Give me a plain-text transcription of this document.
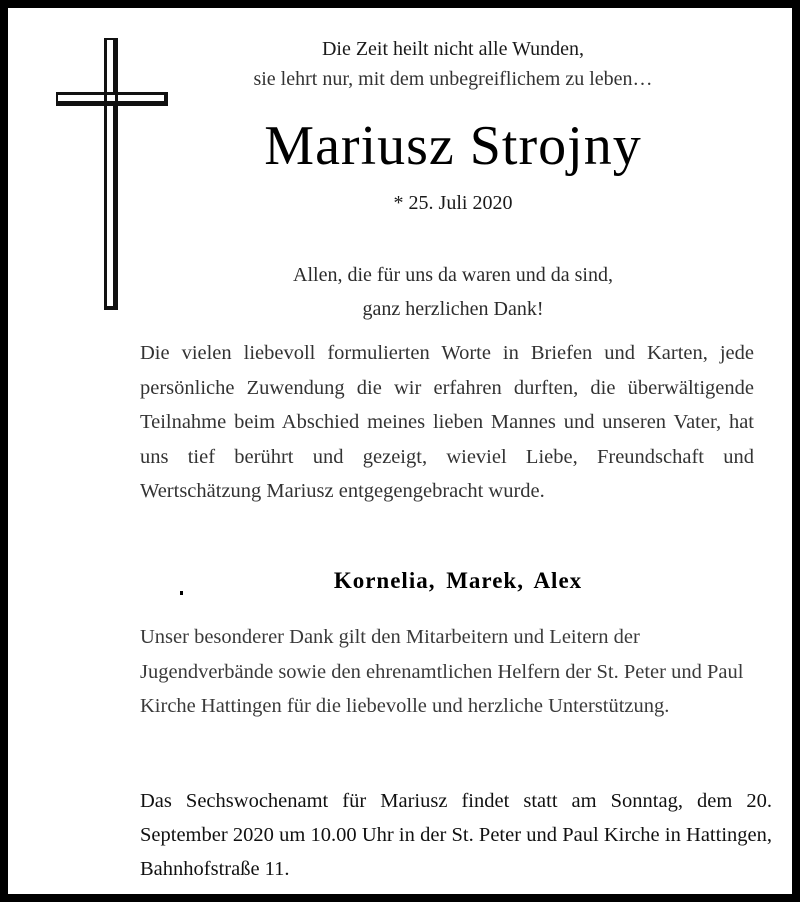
Die Zeit heilt nicht alle Wunden,
sie lehrt nur, mit dem unbegreiflichem zu leben…
Mariusz Strojny
* 25. Juli 2020
Allen, die für uns da waren und da sind,
ganz herzlichen Dank!
Die vielen liebevoll formulierten Worte in Briefen und Karten, jede persönliche Zuwendung die wir erfahren durften, die überwältigende Teilnahme beim Abschied meines lieben Mannes und unseren Vater, hat uns tief berührt und gezeigt, wieviel Liebe, Freundschaft und Wertschätzung Mariusz entgegengebracht wurde.
Kornelia, Marek, Alex
Unser besonderer Dank gilt den Mitarbeitern und Leitern der Jugendverbände sowie den ehrenamtlichen Helfern der St. Peter und Paul Kirche Hattingen für die liebevolle und herzliche Unterstützung.
Das Sechswochenamt für Mariusz findet statt am Sonntag, dem 20. September 2020 um 10.00 Uhr in der St. Peter und Paul Kirche in Hattingen, Bahnhofstraße 11.
